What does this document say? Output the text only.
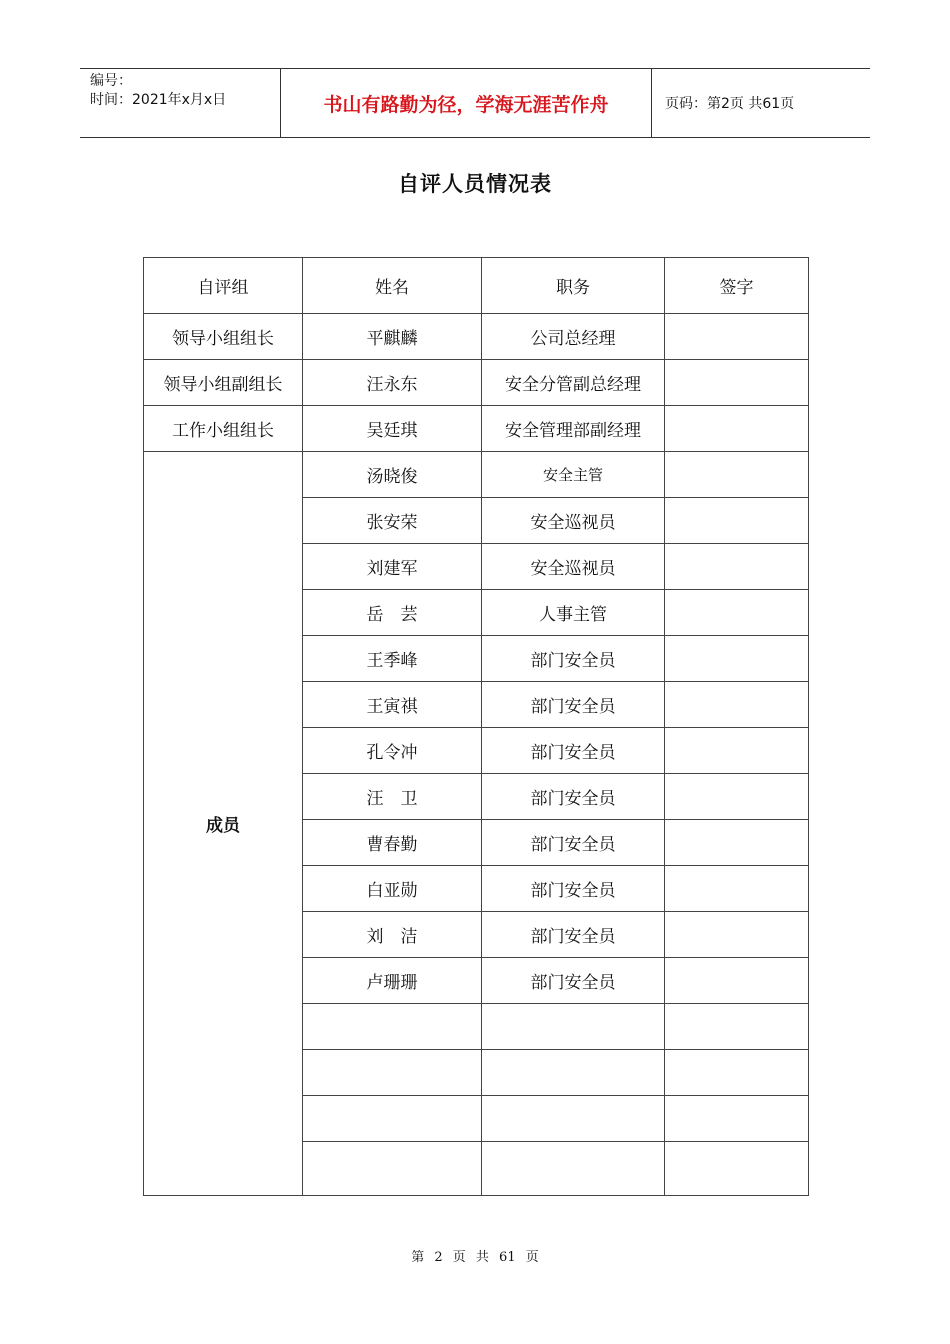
编号：
时间：2021年x月x日	书山有路勤为径，学海无涯苦作舟	页码：第2页 共61页
自评人员情况表
自评组	姓名	职务	签字
领导小组组长	平麒麟	公司总经理	
领导小组副组长	汪永东	安全分管副总经理	
工作小组组长	吴廷琪	安全管理部副经理	
成员	汤晓俊	安全主管	
	张安荣	安全巡视员	
	刘建军	安全巡视员	
	岳　芸	人事主管	
	王季峰	部门安全员	
	王寅祺	部门安全员	
	孔令冲	部门安全员	
	汪　卫	部门安全员	
	曹春勤	部门安全员	
	白亚勋	部门安全员	
	刘　洁	部门安全员	
	卢珊珊	部门安全员	

第 2 页 共 61 页
